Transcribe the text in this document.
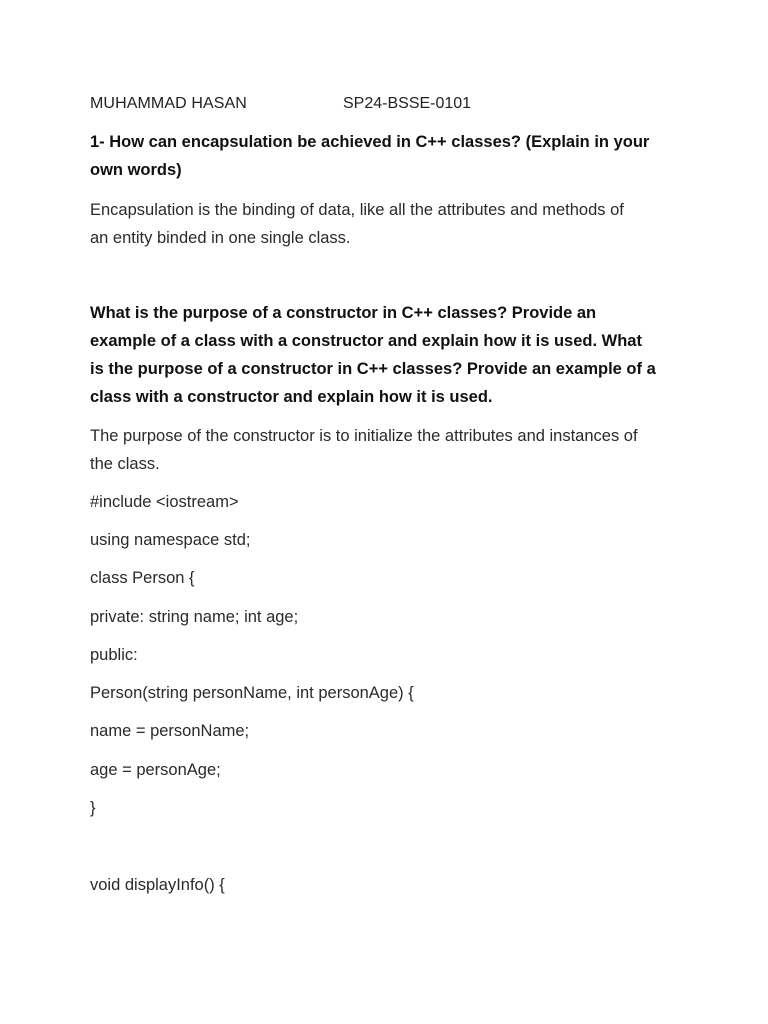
MUHAMMAD HASAN	SP24-BSSE-0101
1- How can encapsulation be achieved in C++ classes? (Explain in your
own words)
Encapsulation is the binding of data, like all the attributes and methods of
an entity binded in one single class.
What is the purpose of a constructor in C++ classes? Provide an
example of a class with a constructor and explain how it is used. What
is the purpose of a constructor in C++ classes? Provide an example of a
class with a constructor and explain how it is used.
The purpose of the constructor is to initialize the attributes and instances of
the class.
#include <iostream>
using namespace std;
class Person {
private: string name; int age;
public:
Person(string personName, int personAge) {
name = personName;
age = personAge;
}
void displayInfo() {
